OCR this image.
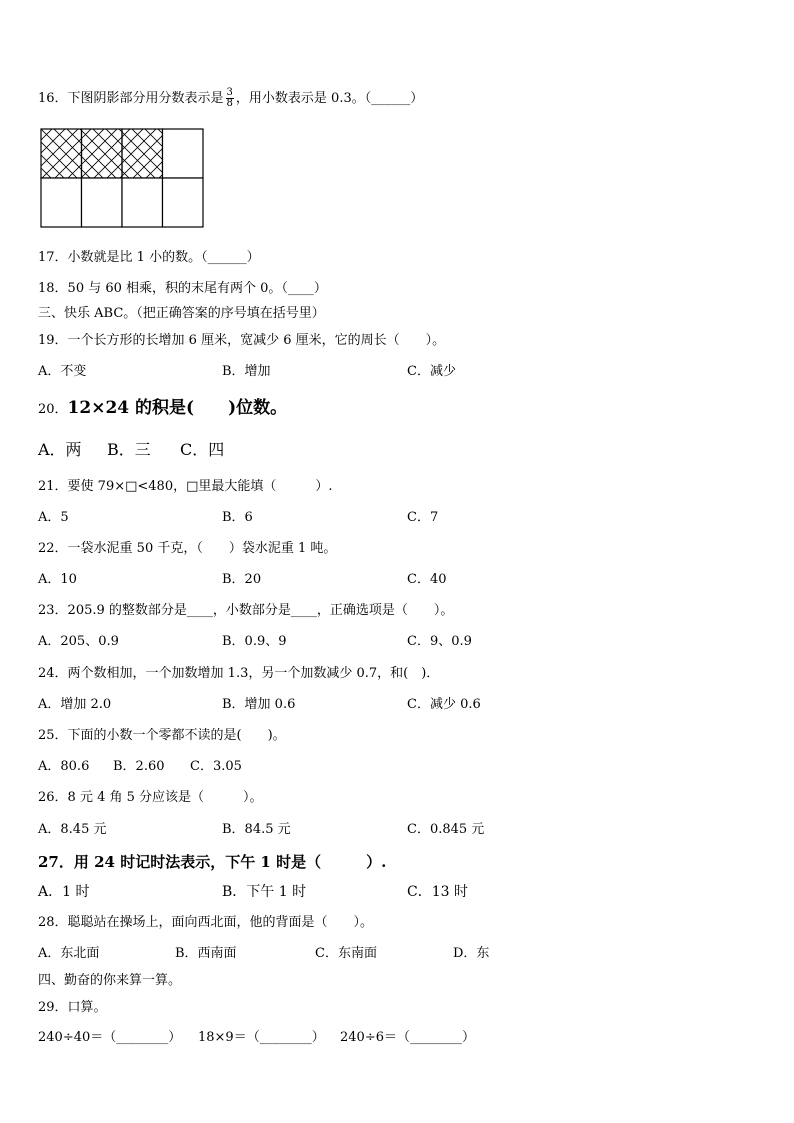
16．下图阴影部分用分数表示是 $\frac{3}{8}$ ，用小数表示是 0.3。（______）
17．小数就是比 1 小的数。（______）
18．50 与 60 相乘，积的末尾有两个 0。（____）
三、快乐 ABC。（把正确答案的序号填在括号里）
19．一个长方形的长增加 6 厘米，宽减少 6 厘米，它的周长（　　）。
A．不变	B．增加	C．减少
20．12×24 的积是(　　)位数。
A．两 B．三 C．四
21．要使 79×□<480，□里最大能填（　　　）.
A．5	B．6	C．7
22．一袋水泥重 50 千克，（　　）袋水泥重 1 吨。
A．10	B．20	C．40
23．205.9 的整数部分是____，小数部分是____，正确选项是（　　）。
A．205、0.9	B．0.9、9	C．9、0.9
24．两个数相加，一个加数增加 1.3，另一个加数减少 0.7，和(　)．
A．增加 2.0	B．增加 0.6	C．减少 0.6
25．下面的小数一个零都不读的是(　　)。
A．80.6 B．2.60 C．3.05
26．8 元 4 角 5 分应该是（　　　）。
A．8.45 元	B．84.5 元	C．0.845 元
27．用 24 时记时法表示，下午 1 时是（　　　）.
A．1 时	B．下午 1 时	C．13 时
28．聪聪站在操场上，面向西北面，他的背面是（　　）。
A．东北面	B．西南面	C．东南面	D．东
四、勤奋的你来算一算。
29．口算。
240÷40＝（________） 18×9＝（________） 240÷6＝（________）
